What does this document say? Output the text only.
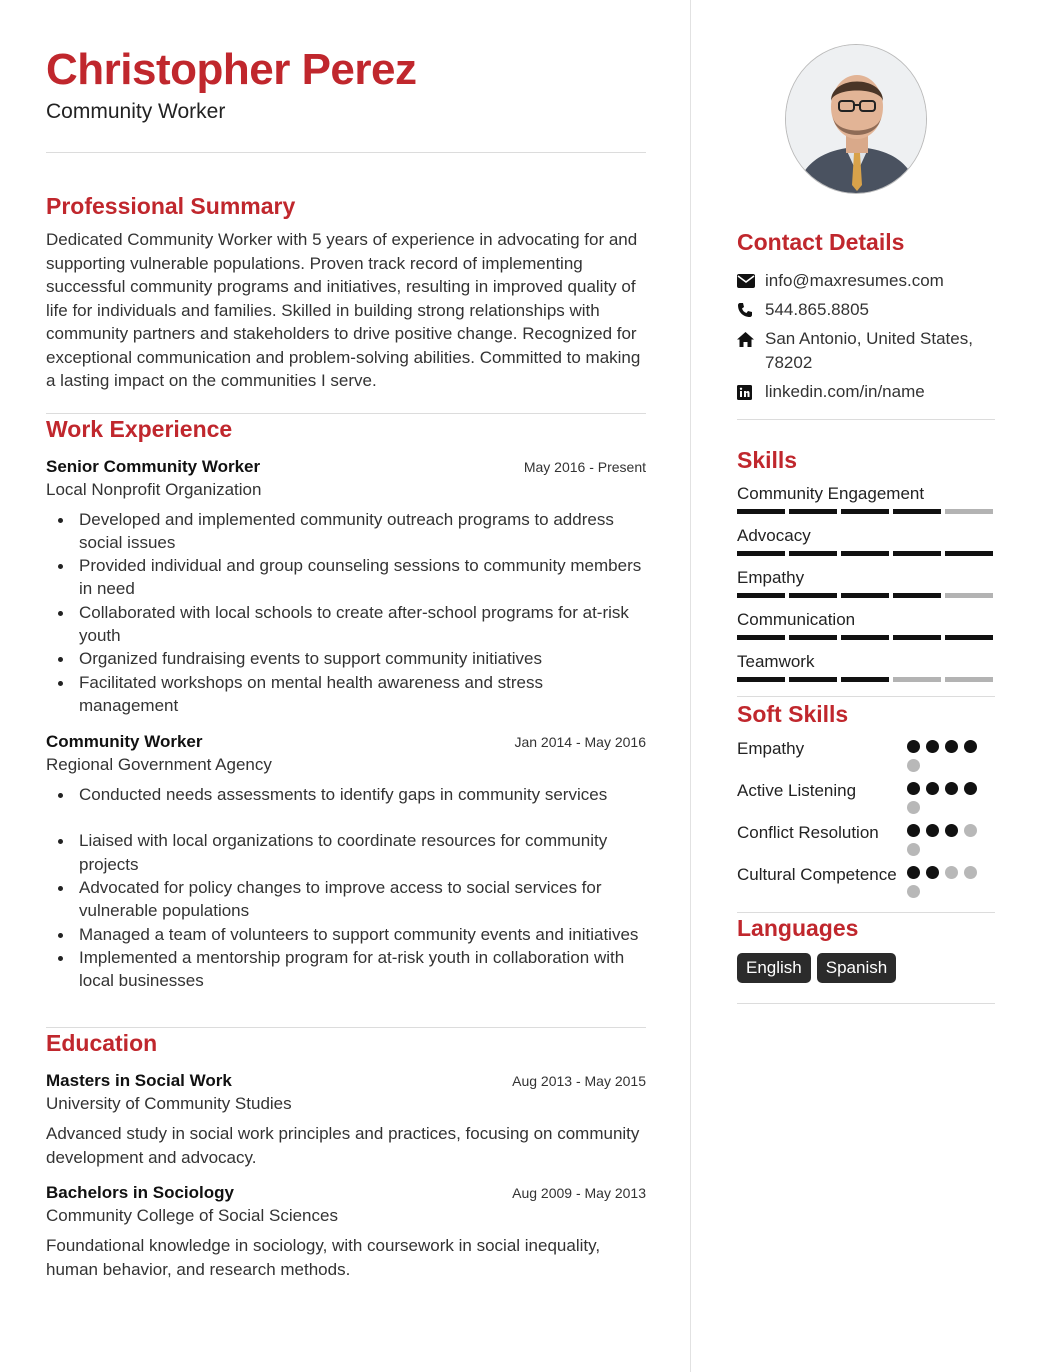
Christopher Perez
Community Worker
Professional Summary
Dedicated Community Worker with 5 years of experience in advocating for and supporting vulnerable populations. Proven track record of implementing successful community programs and initiatives, resulting in improved quality of life for individuals and families. Skilled in building strong relationships with community partners and stakeholders to drive positive change. Recognized for exceptional communication and problem-solving abilities. Committed to making a lasting impact on the communities I serve.
Work Experience
Senior Community Worker	May 2016 - Present
Local Nonprofit Organization
Developed and implemented community outreach programs to address social issues
Provided individual and group counseling sessions to community members in need
Collaborated with local schools to create after-school programs for at-risk youth
Organized fundraising events to support community initiatives
Facilitated workshops on mental health awareness and stress management
Community Worker	Jan 2014 - May 2016
Regional Government Agency
Conducted needs assessments to identify gaps in community services
Liaised with local organizations to coordinate resources for community projects
Advocated for policy changes to improve access to social services for vulnerable populations
Managed a team of volunteers to support community events and initiatives
Implemented a mentorship program for at-risk youth in collaboration with local businesses
Education
Masters in Social Work	Aug 2013 - May 2015
University of Community Studies
Advanced study in social work principles and practices, focusing on community development and advocacy.
Bachelors in Sociology	Aug 2009 - May 2013
Community College of Social Sciences
Foundational knowledge in sociology, with coursework in social inequality, human behavior, and research methods.
Contact Details
info@maxresumes.com
544.865.8805
San Antonio, United States, 78202
linkedin.com/in/name
Skills
Community Engagement
Advocacy
Empathy
Communication
Teamwork
Soft Skills
Empathy
Active Listening
Conflict Resolution
Cultural Competence
Languages
English	Spanish
